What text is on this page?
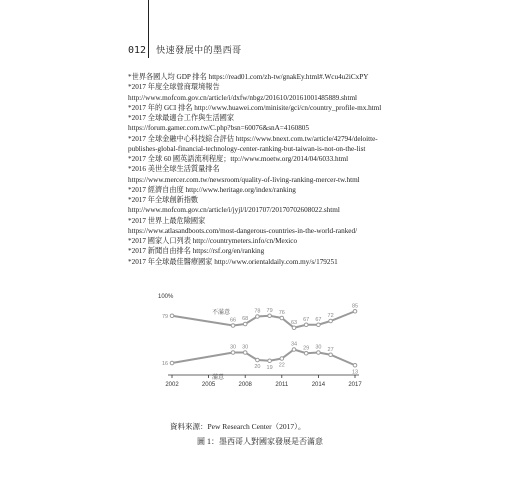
012 快速發展中的墨西哥
*世界各國人均 GDP 排名 https://read01.com/zh-tw/gnakEy.html#.Wcu4u2iCxPY
*2017 年度全球營商環境報告
http://www.mofcom.gov.cn/article/i/dxfw/nbgz/201610/20161001485889.shtml
*2017 年的 GCI 排名 http://www.huawei.com/minisite/gci/cn/country_profile-mx.html
*2017 全球最適合工作與生活國家
https://forum.gamer.com.tw/C.php?bsn=60076&snA=4160805
*2017 全球金融中心科技綜合評估 https://www.bnext.com.tw/article/42794/deloitte-
publishes-global-financial-technology-center-ranking-but-taiwan-is-not-on-the-list
*2017 全球 60 國英語流利程度；ttp://www.moetw.org/2014/04/6033.html
*2016 美世全球生活質量排名
https://www.mercer.com.tw/newsroom/quality-of-living-ranking-mercer-tw.html
*2017 經濟自由度 http://www.heritage.org/index/ranking
*2017 年全球創新指數
http://www.mofcom.gov.cn/article/i/jyjl/l/201707/20170702608022.shtml
*2017 世界上最危險國家
https://www.atlasandboots.com/most-dangerous-countries-in-the-world-ranked/
*2017 國家人口列表 http://countrymeters.info/cn/Mexico
*2017 新聞自由排名 https://rsf.org/en/ranking
*2017 年全球最佳醫療國家 http://www.orientaldaily.com.my/s/179251
100%
2002	2005	2008	2011	2014	2017
79
66 68
78 79 76
63 67 67
72
85
不滿意
16
30 30
20 19 22
34
29 30 27
13
滿意
資料來源：Pew Research Center（2017）。
圖 1：墨西哥人對國家發展是否滿意
